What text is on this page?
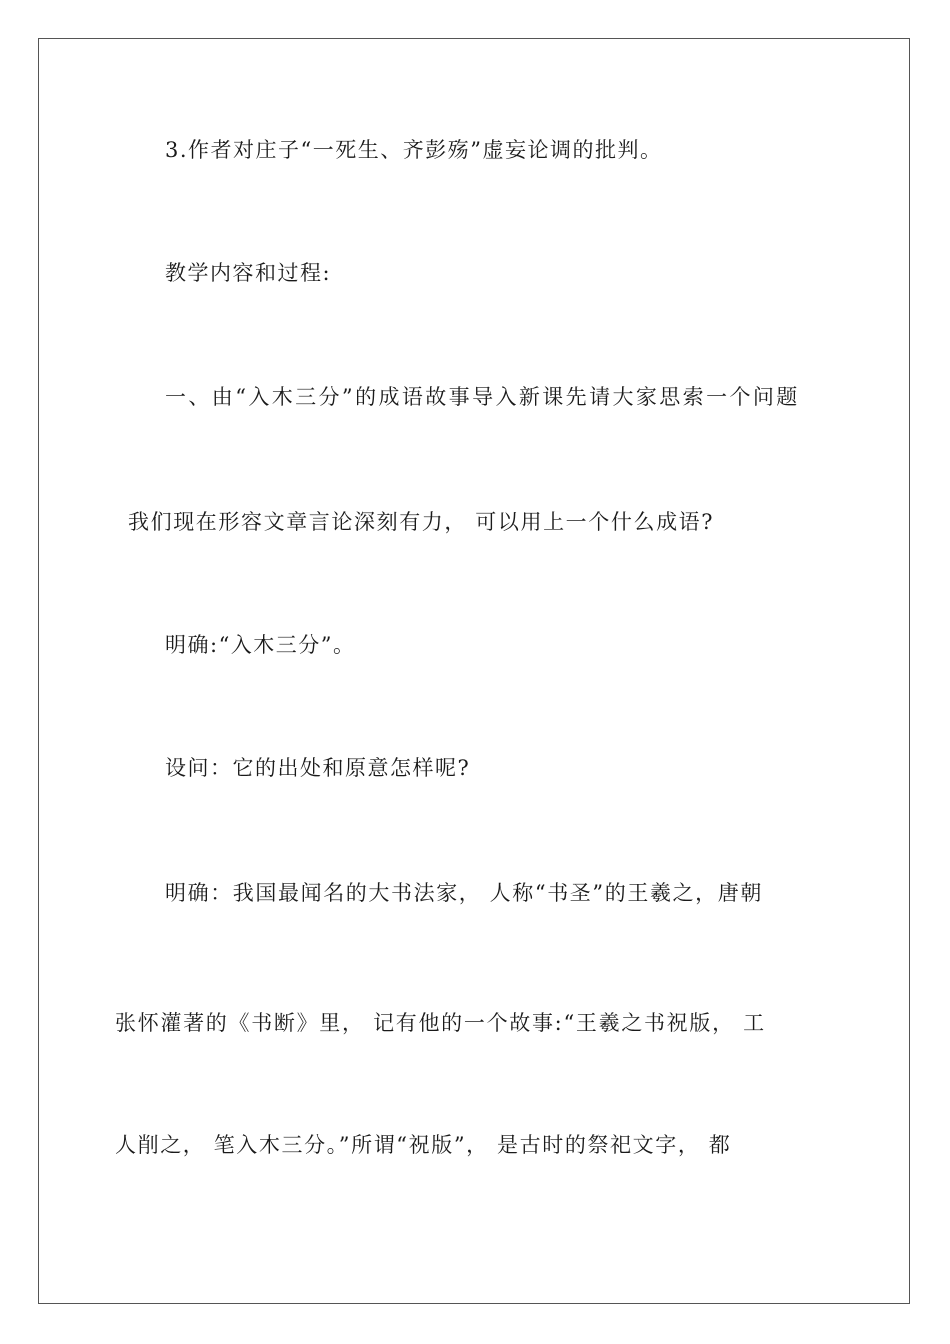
3.作者对庄子“一死生、齐彭殇”虚妄论调的批判。
教学内容和过程:
一、由“入木三分”的成语故事导入新课先请大家思索一个问题
我们现在形容文章言论深刻有力， 可以用上一个什么成语?
明确:“入木三分”。
设问：它的出处和原意怎样呢?
明确：我国最闻名的大书法家， 人称“书圣”的王羲之，唐朝
张怀灌著的《书断》里， 记有他的一个故事:“王羲之书祝版， 工
人削之， 笔入木三分。”所谓“祝版”， 是古时的祭祀文字， 都
